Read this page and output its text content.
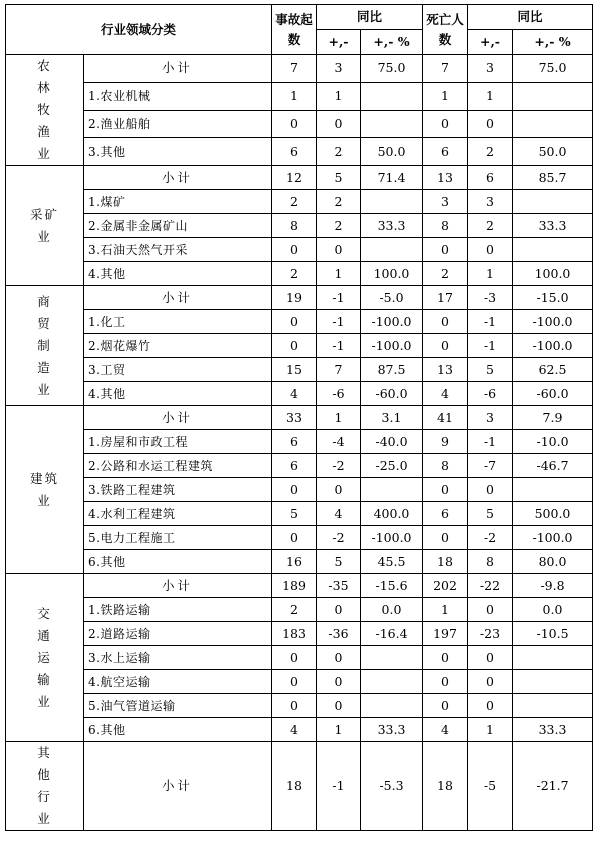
行业领域分类		事故起数	同比		死亡人数	同比	
			+,-	+,- %		+,-	+,- %
农林牧渔业	小计	7	3	75.0	7	3	75.0
	1.农业机械	1	1		1	1	
	2.渔业船舶	0	0		0	0	
	3.其他	6	2	50.0	6	2	50.0
采矿业	小计	12	5	71.4	13	6	85.7
	1.煤矿	2	2		3	3	
	2.金属非金属矿山	8	2	33.3	8	2	33.3
	3.石油天然气开采	0	0		0	0	
	4.其他	2	1	100.0	2	1	100.0
商贸制造业	小计	19	-1	-5.0	17	-3	-15.0
	1.化工	0	-1	-100.0	0	-1	-100.0
	2.烟花爆竹	0	-1	-100.0	0	-1	-100.0
	3.工贸	15	7	87.5	13	5	62.5
	4.其他	4	-6	-60.0	4	-6	-60.0
建筑业	小计	33	1	3.1	41	3	7.9
	1.房屋和市政工程	6	-4	-40.0	9	-1	-10.0
	2.公路和水运工程建筑	6	-2	-25.0	8	-7	-46.7
	3.铁路工程建筑	0	0		0	0	
	4.水利工程建筑	5	4	400.0	6	5	500.0
	5.电力工程施工	0	-2	-100.0	0	-2	-100.0
	6.其他	16	5	45.5	18	8	80.0
交通运输业	小计	189	-35	-15.6	202	-22	-9.8
	1.铁路运输	2	0	0.0	1	0	0.0
	2.道路运输	183	-36	-16.4	197	-23	-10.5
	3.水上运输	0	0		0	0	
	4.航空运输	0	0		0	0	
	5.油气管道运输	0	0		0	0	
	6.其他	4	1	33.3	4	1	33.3
其他行业	小计	18	-1	-5.3	18	-5	-21.7
